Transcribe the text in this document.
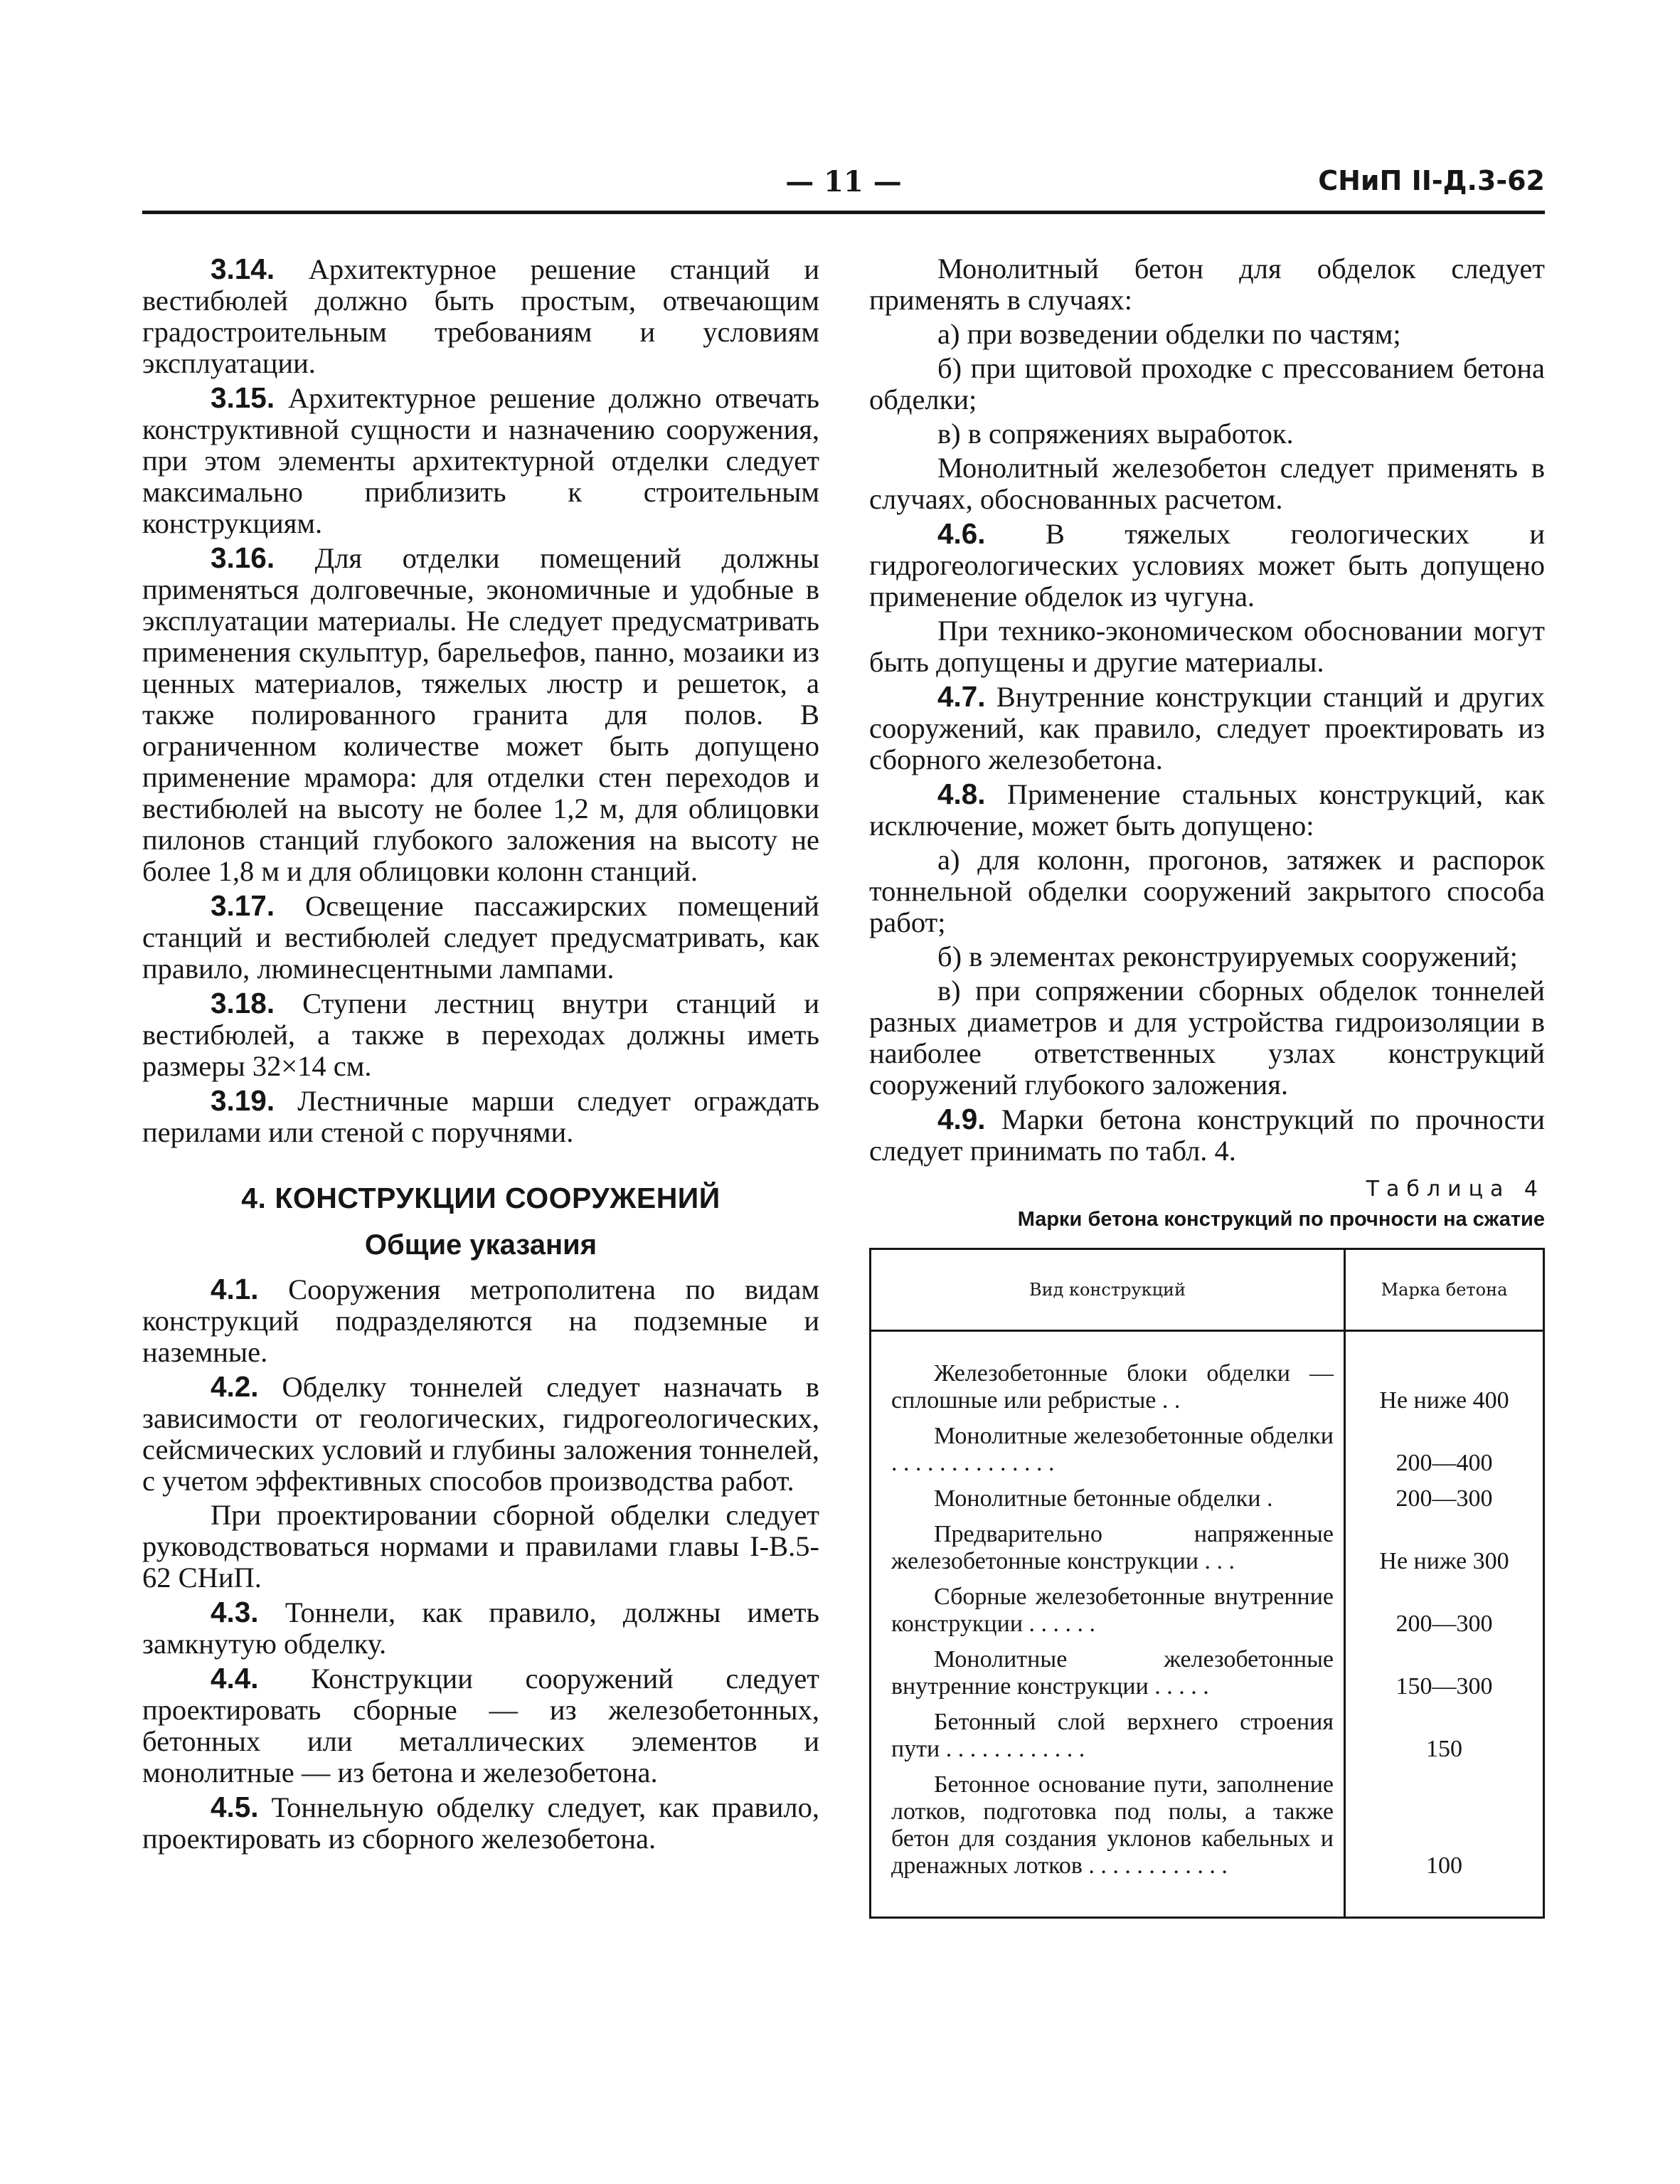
— 11 —	СНиП II-Д.3-62

3.14. Архитектурное решение станций и вестибюлей должно быть простым, отвечающим градостроительным требованиям и условиям эксплуатации.

3.15. Архитектурное решение должно отвечать конструктивной сущности и назначению сооружения, при этом элементы архитектурной отделки следует максимально приблизить к строительным конструкциям.

3.16. Для отделки помещений должны применяться долговечные, экономичные и удобные в эксплуатации материалы. Не следует предусматривать применения скульптур, барельефов, панно, мозаики из ценных материалов, тяжелых люстр и решеток, а также полированного гранита для полов. В ограниченном количестве может быть допущено применение мрамора: для отделки стен переходов и вестибюлей на высоту не более 1,2 м, для облицовки пилонов станций глубокого заложения на высоту не более 1,8 м и для облицовки колонн станций.

3.17. Освещение пассажирских помещений станций и вестибюлей следует предусматривать, как правило, люминесцентными лампами.

3.18. Ступени лестниц внутри станций и вестибюлей, а также в переходах должны иметь размеры 32×14 см.

3.19. Лестничные марши следует ограждать перилами или стеной с поручнями.

4. КОНСТРУКЦИИ СООРУЖЕНИЙ
Общие указания

4.1. Сооружения метрополитена по видам конструкций подразделяются на подземные и наземные.

4.2. Обделку тоннелей следует назначать в зависимости от геологических, гидрогеологических, сейсмических условий и глубины заложения тоннелей, с учетом эффективных способов производства работ.

При проектировании сборной обделки следует руководствоваться нормами и правилами главы I-B.5-62 СНиП.

4.3. Тоннели, как правило, должны иметь замкнутую обделку.

4.4. Конструкции сооружений следует проектировать сборные — из железобетонных, бетонных или металлических элементов и монолитные — из бетона и железобетона.

4.5. Тоннельную обделку следует, как правило, проектировать из сборного железобетона.

Монолитный бетон для обделок следует применять в случаях:

а) при возведении обделки по частям;

б) при щитовой проходке с прессованием бетона обделки;

в) в сопряжениях выработок.

Монолитный железобетон следует применять в случаях, обоснованных расчетом.

4.6. В тяжелых геологических и гидрогеологических условиях может быть допущено применение обделок из чугуна.

При технико-экономическом обосновании могут быть допущены и другие материалы.

4.7. Внутренние конструкции станций и других сооружений, как правило, следует проектировать из сборного железобетона.

4.8. Применение стальных конструкций, как исключение, может быть допущено:

а) для колонн, прогонов, затяжек и распорок тоннельной обделки сооружений закрытого способа работ;

б) в элементах реконструируемых сооружений;

в) при сопряжении сборных обделок тоннелей разных диаметров и для устройства гидроизоляции в наиболее ответственных узлах конструкций сооружений глубокого заложения.

4.9. Марки бетона конструкций по прочности следует принимать по табл. 4.

Таблица 4
Марки бетона конструкций по прочности на сжатие
Вид конструкций	Марка бетона
Железобетонные блоки обделки — сплошные или ребристые . .	Не ниже 400
Монолитные железобетонные обделки . . . . . . . . . . . . . .	200—400
Монолитные бетонные обделки .	200—300
Предварительно напряженные железобетонные конструкции . . .	Не ниже 300
Сборные железобетонные внутренние конструкции . . . . . .	200—300
Монолитные железобетонные внутренние конструкции . . . . .	150—300
Бетонный слой верхнего строения пути . . . . . . . . . . . .	150
Бетонное основание пути, заполнение лотков, подготовка под полы, а также бетон для создания уклонов кабельных и дренажных лотков . . . . . . . . . . . .	100
